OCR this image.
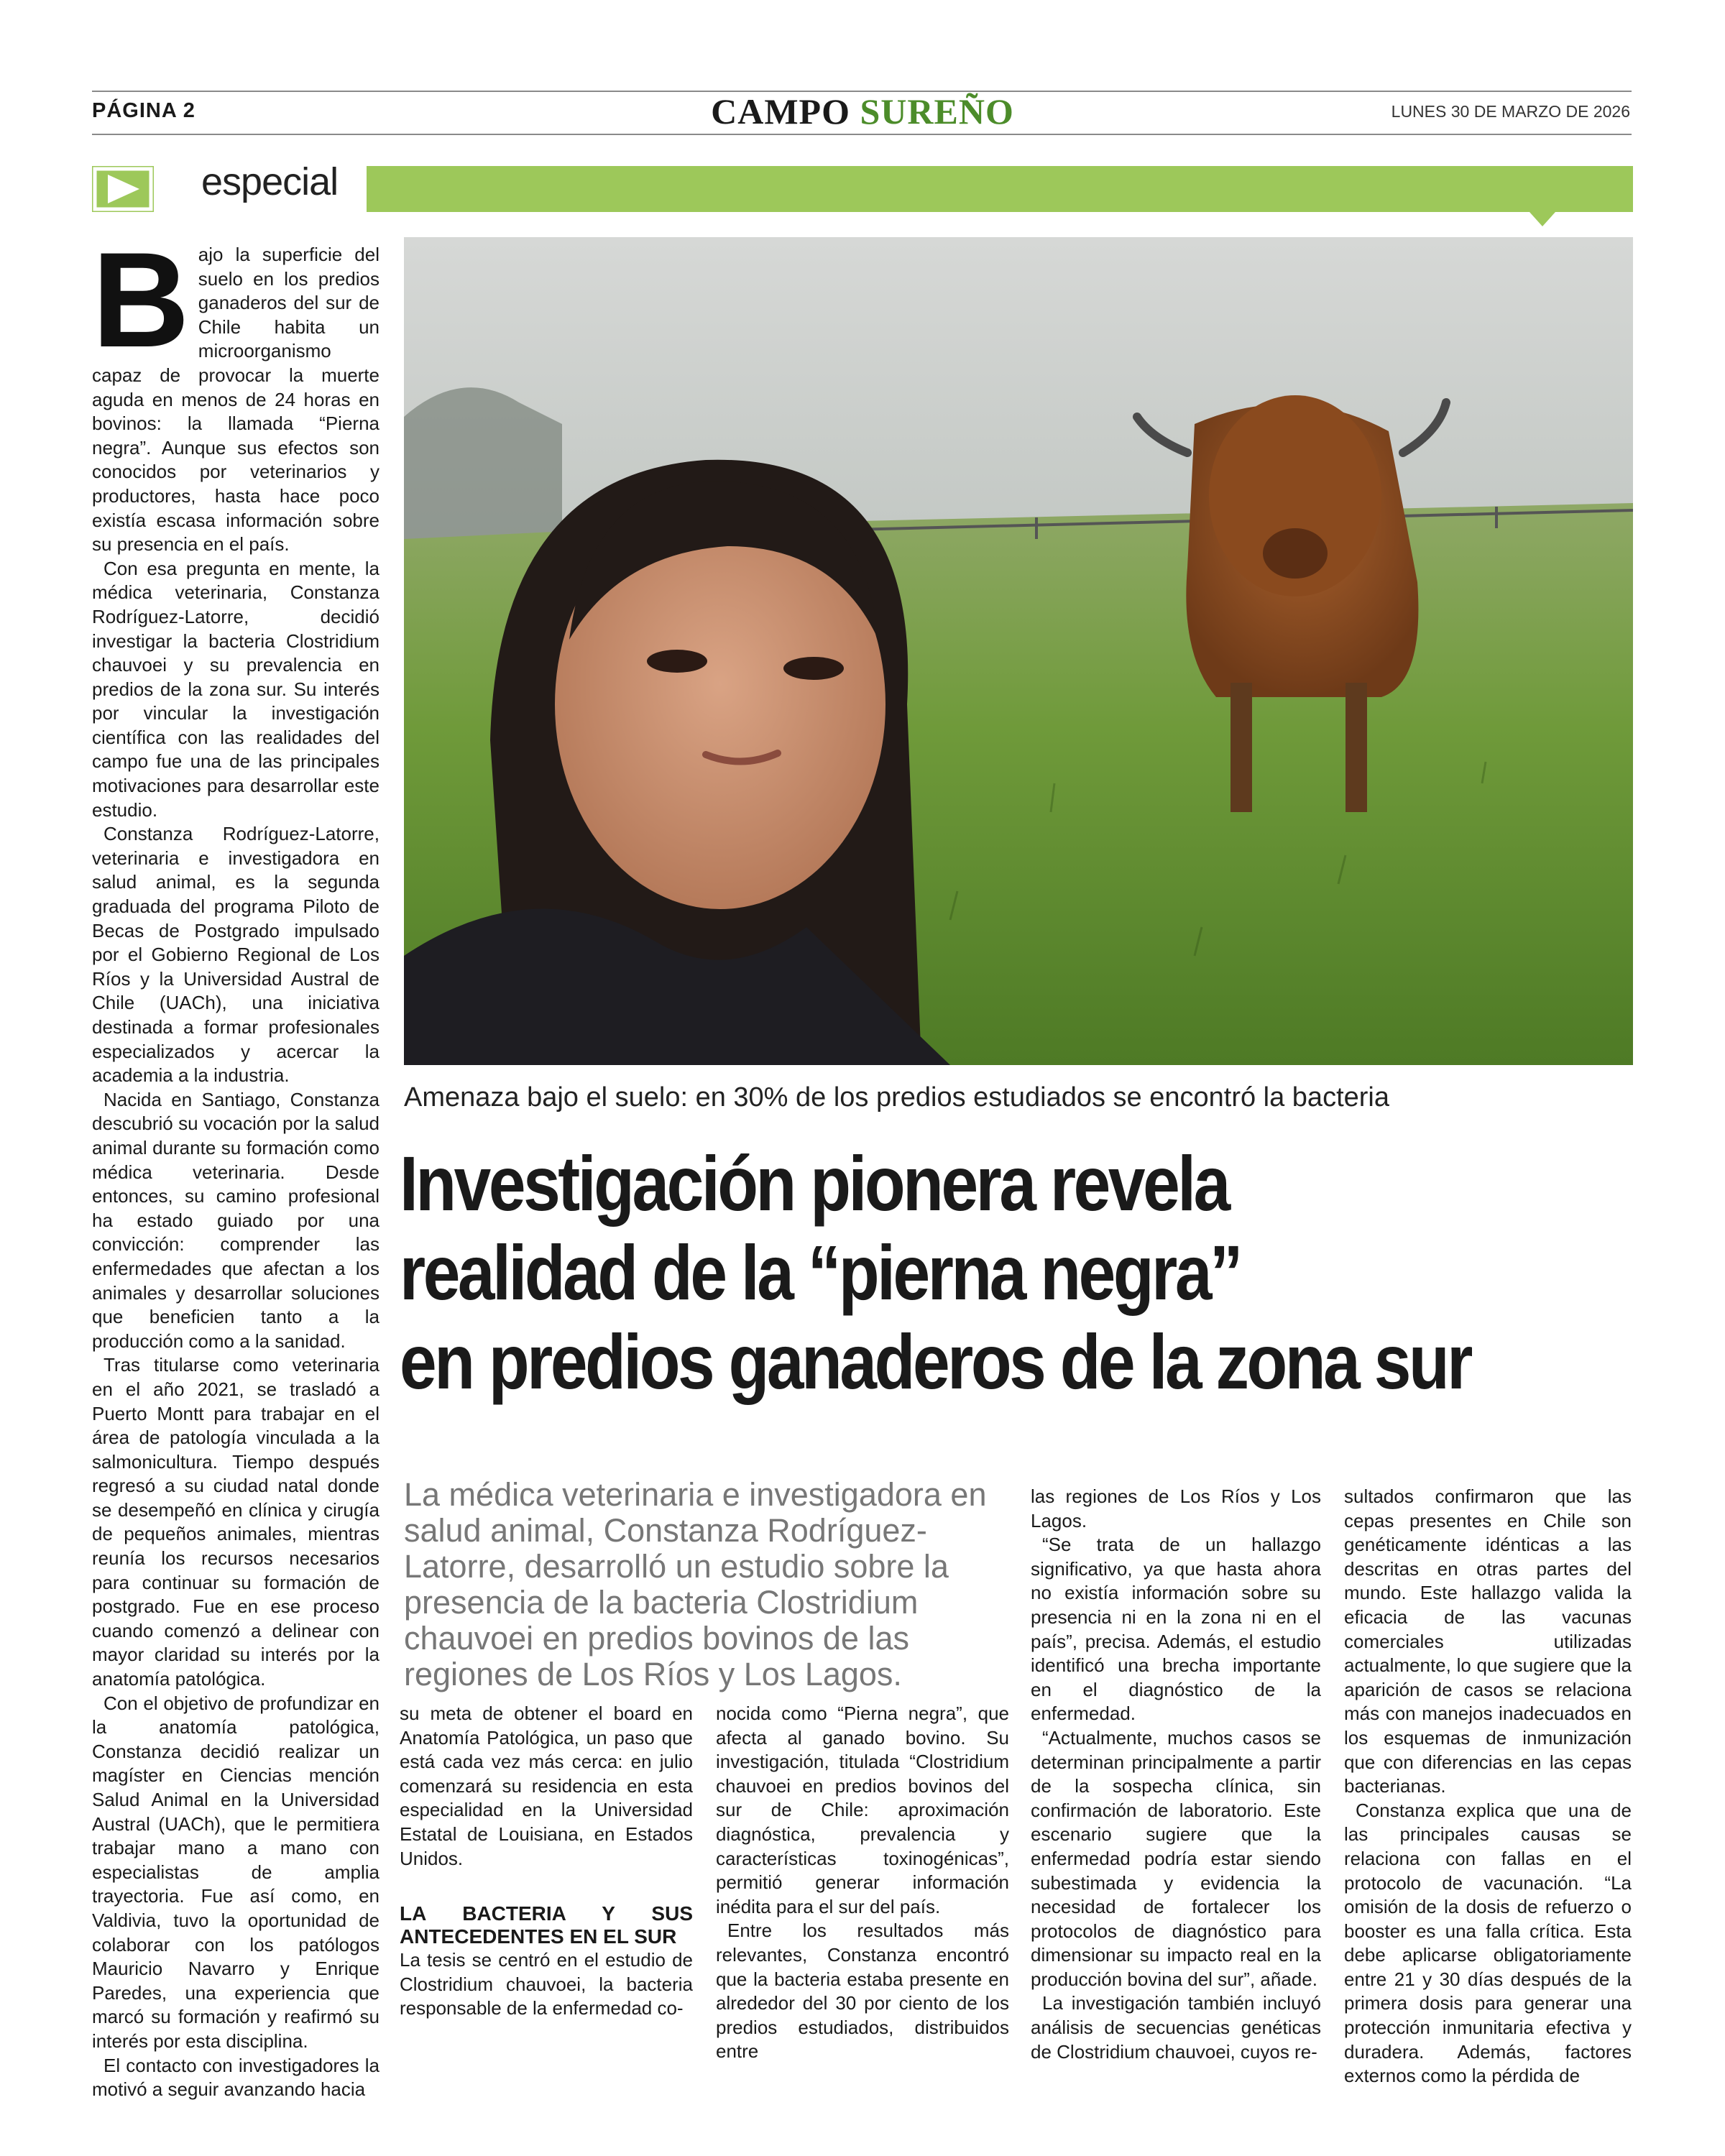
PÁGINA 2	CAMPO SUREÑO	LUNES 30 DE MARZO DE 2026
especial
Amenaza bajo el suelo: en 30% de los predios estudiados se encontró la bacteria
Investigación pionera revela
realidad de la “pierna negra”
en predios ganaderos de la zona sur
La médica veterinaria e investigadora en salud animal, Constanza Rodríguez-Latorre, desarrolló un estudio sobre la presencia de la bacteria Clostridium chauvoei en predios bovinos de las regiones de Los Ríos y Los Lagos.
B ajo la superficie del suelo en los predios ganaderos del sur de Chile habita un microorganismo capaz de provocar la muerte aguda en menos de 24 horas en bovinos: la llamada “Pierna negra”. Aunque sus efectos son conocidos por veterinarios y productores, hasta hace poco existía escasa información sobre su presencia en el país.

Con esa pregunta en mente, la médica veterinaria, Constanza Rodríguez-Latorre, decidió investigar la bacteria Clostridium chauvoei y su prevalencia en predios de la zona sur. Su interés por vincular la investigación científica con las realidades del campo fue una de las principales motivaciones para desarrollar este estudio.

Constanza Rodríguez-Latorre, veterinaria e investigadora en salud animal, es la segunda graduada del programa Piloto de Becas de Postgrado impulsado por el Gobierno Regional de Los Ríos y la Universidad Austral de Chile (UACh), una iniciativa destinada a formar profesionales especializados y acercar la academia a la industria.

Nacida en Santiago, Constanza descubrió su vocación por la salud animal durante su formación como médica veterinaria. Desde entonces, su camino profesional ha estado guiado por una convicción: comprender las enfermedades que afectan a los animales y desarrollar soluciones que beneficien tanto a la producción como a la sanidad.

Tras titularse como veterinaria en el año 2021, se trasladó a Puerto Montt para trabajar en el área de patología vinculada a la salmonicultura. Tiempo después regresó a su ciudad natal donde se desempeñó en clínica y cirugía de pequeños animales, mientras reunía los recursos necesarios para continuar su formación de postgrado. Fue en ese proceso cuando comenzó a delinear con mayor claridad su interés por la anatomía patológica.

Con el objetivo de profundizar en la anatomía patológica, Constanza decidió realizar un magíster en Ciencias mención Salud Animal en la Universidad Austral (UACh), que le permitiera trabajar mano a mano con especialistas de amplia trayectoria. Fue así como, en Valdivia, tuvo la oportunidad de colaborar con los patólogos Mauricio Navarro y Enrique Paredes, una experiencia que marcó su formación y reafirmó su interés por esta disciplina.

El contacto con investigadores la motivó a seguir avanzando hacia

su meta de obtener el board en Anatomía Patológica, un paso que está cada vez más cerca: en julio comenzará su residencia en esta especialidad en la Universidad Estatal de Louisiana, en Estados Unidos.

LA BACTERIA Y SUS ANTECEDENTES EN EL SUR

La tesis se centró en el estudio de Clostridium chauvoei, la bacteria responsable de la enfermedad co-

nocida como “Pierna negra”, que afecta al ganado bovino. Su investigación, titulada “Clostridium chauvoei en predios bovinos del sur de Chile: aproximación diagnóstica, prevalencia y características toxinogénicas”, permitió generar información inédita para el sur del país.

Entre los resultados más relevantes, Constanza encontró que la bacteria estaba presente en alrededor del 30 por ciento de los predios estudiados, distribuidos entre

las regiones de Los Ríos y Los Lagos.

“Se trata de un hallazgo significativo, ya que hasta ahora no existía información sobre su presencia ni en la zona ni en el país”, precisa. Además, el estudio identificó una brecha importante en el diagnóstico de la enfermedad.

“Actualmente, muchos casos se determinan principalmente a partir de la sospecha clínica, sin confirmación de laboratorio. Este escenario sugiere que la enfermedad podría estar siendo subestimada y evidencia la necesidad de fortalecer los protocolos de diagnóstico para dimensionar su impacto real en la producción bovina del sur”, añade.

La investigación también incluyó análisis de secuencias genéticas de Clostridium chauvoei, cuyos re-

sultados confirmaron que las cepas presentes en Chile son genéticamente idénticas a las descritas en otras partes del mundo. Este hallazgo valida la eficacia de las vacunas comerciales utilizadas actualmente, lo que sugiere que la aparición de casos se relaciona más con manejos inadecuados en los esquemas de inmunización que con diferencias en las cepas bacterianas.

Constanza explica que una de las principales causas se relaciona con fallas en el protocolo de vacunación. “La omisión de la dosis de refuerzo o booster es una falla crítica. Esta debe aplicarse obligatoriamente entre 21 y 30 días después de la primera dosis para generar una protección inmunitaria efectiva y duradera. Además, factores externos como la pérdida de
